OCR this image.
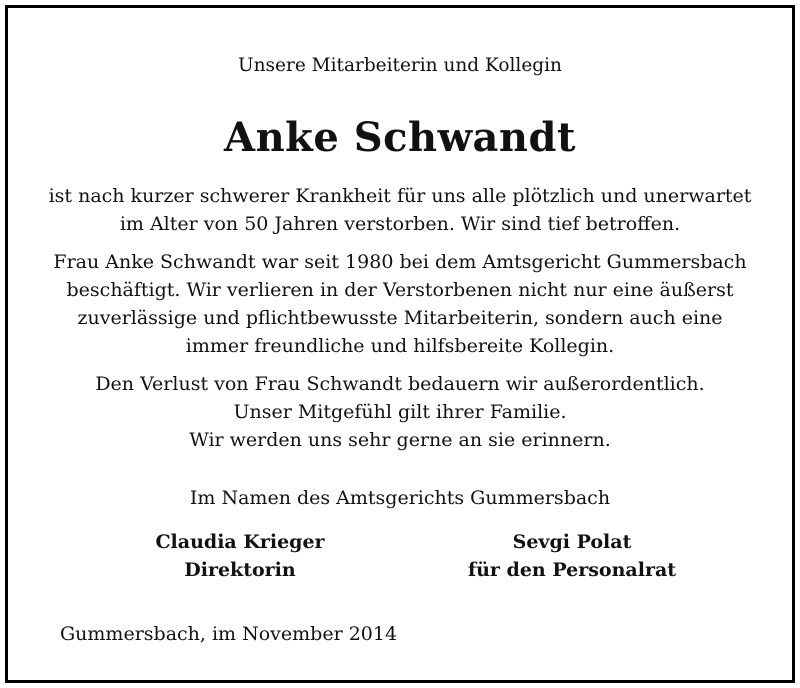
Unsere Mitarbeiterin und Kollegin
Anke Schwandt
ist nach kurzer schwerer Krankheit für uns alle plötzlich und unerwartet
im Alter von 50 Jahren verstorben. Wir sind tief betroffen.
Frau Anke Schwandt war seit 1980 bei dem Amtsgericht Gummersbach
beschäftigt. Wir verlieren in der Verstorbenen nicht nur eine äußerst
zuverlässige und pflichtbewusste Mitarbeiterin, sondern auch eine
immer freundliche und hilfsbereite Kollegin.
Den Verlust von Frau Schwandt bedauern wir außerordentlich.
Unser Mitgefühl gilt ihrer Familie.
Wir werden uns sehr gerne an sie erinnern.
Im Namen des Amtsgerichts Gummersbach
Claudia Krieger
Direktorin
Sevgi Polat
für den Personalrat
Gummersbach, im November 2014
